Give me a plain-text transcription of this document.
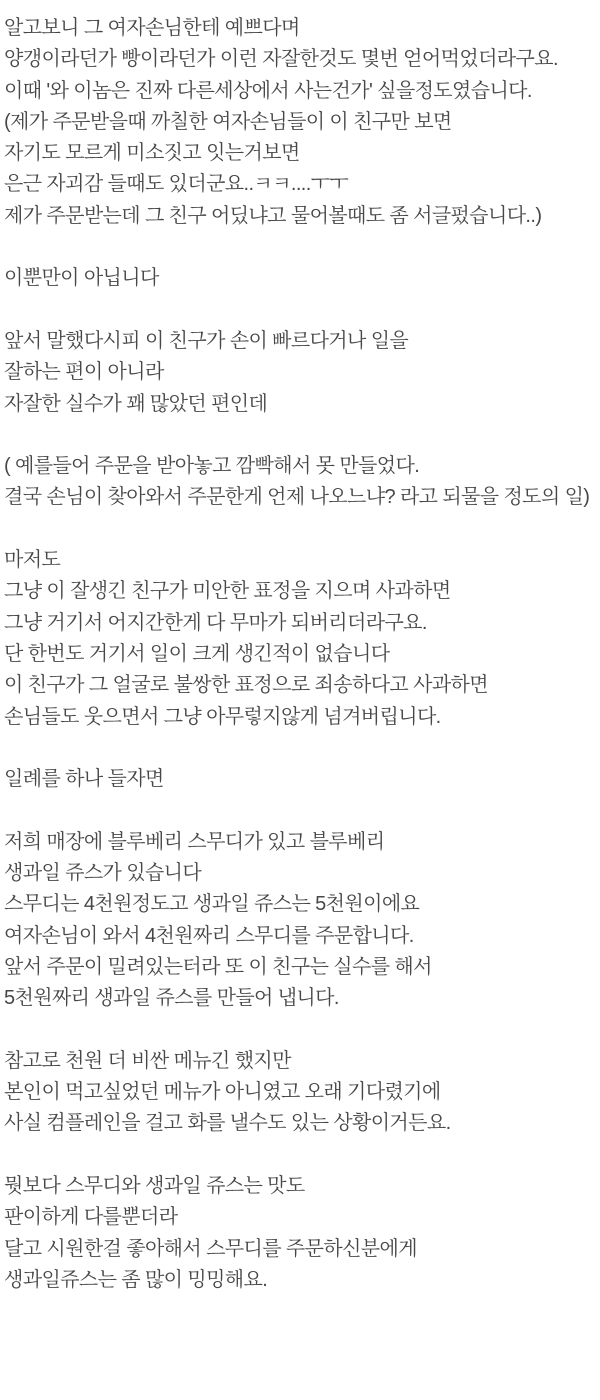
알고보니 그 여자손님한테 예쁘다며
양갱이라던가 빵이라던가 이런 자잘한것도 몇번 얻어먹었더라구요.
이때 '와 이놈은 진짜 다른세상에서 사는건가' 싶을정도였습니다.
(제가 주문받을때 까칠한 여자손님들이 이 친구만 보면
자기도 모르게 미소짓고 잇는거보면
은근 자괴감 들때도 있더군요..ㅋㅋ....ㅜㅜ
제가 주문받는데 그 친구 어딨냐고 물어볼때도 좀 서글펐습니다..)

이뿐만이 아닙니다

앞서 말했다시피 이 친구가 손이 빠르다거나 일을
잘하는 편이 아니라
자잘한 실수가 꽤 많았던 편인데

( 예를들어 주문을 받아놓고 깜빡해서 못 만들었다.
결국 손님이 찾아와서 주문한게 언제 나오느냐? 라고 되물을 정도의 일)

마저도
그냥 이 잘생긴 친구가 미안한 표정을 지으며 사과하면
그냥 거기서 어지간한게 다 무마가 되버리더라구요.
단 한번도 거기서 일이 크게 생긴적이 없습니다
이 친구가 그 얼굴로 불쌍한 표정으로 죄송하다고 사과하면
손님들도 웃으면서 그냥 아무렇지않게 넘겨버립니다.

일례를 하나 들자면

저희 매장에 블루베리 스무디가 있고 블루베리
생과일 쥬스가 있습니다
스무디는 4천원정도고 생과일 쥬스는 5천원이에요
여자손님이 와서 4천원짜리 스무디를 주문합니다.
앞서 주문이 밀려있는터라 또 이 친구는 실수를 해서
5천원짜리 생과일 쥬스를 만들어 냅니다.

참고로 천원 더 비싼 메뉴긴 했지만
본인이 먹고싶었던 메뉴가 아니였고 오래 기다렸기에
사실 컴플레인을 걸고 화를 낼수도 있는 상황이거든요.

뭣보다 스무디와 생과일 쥬스는 맛도
판이하게 다를뿐더라
달고 시원한걸 좋아해서 스무디를 주문하신분에게
생과일쥬스는 좀 많이 밍밍해요.
